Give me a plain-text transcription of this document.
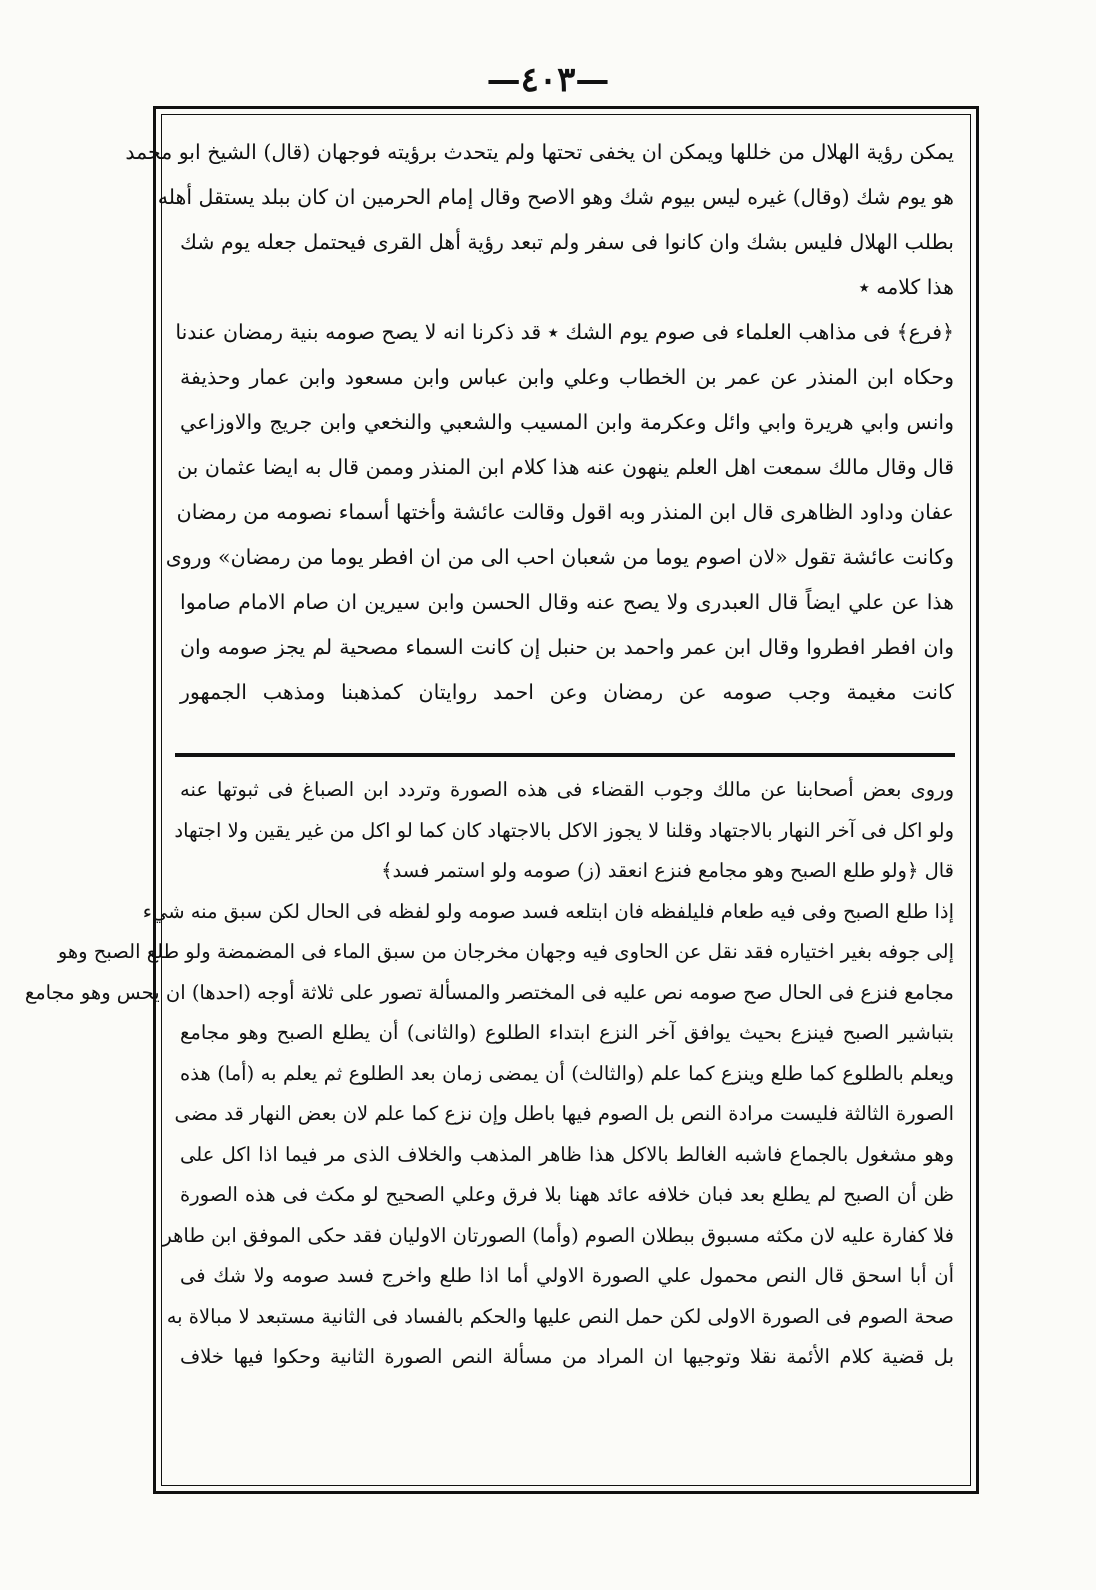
—٤٠٣—
يمكن رؤية الهلال من خللها ويمكن ان يخفى تحتها ولم يتحدث برؤيته فوجهان (قال) الشيخ ابو محمد
هو يوم شك (وقال) غيره ليس بيوم شك وهو الاصح وقال إمام الحرمين ان كان ببلد يستقل أهله
بطلب الهلال فليس بشك وان كانوا فى سفر ولم تبعد رؤية أهل القرى فيحتمل جعله يوم شك
هذا كلامه ٭
﴿فرع﴾ فى مذاهب العلماء فى صوم يوم الشك ٭ قد ذكرنا انه لا يصح صومه بنية رمضان عندنا
وحكاه ابن المنذر عن عمر بن الخطاب وعلي وابن عباس وابن مسعود وابن عمار وحذيفة
وانس وابي هريرة وابي وائل وعكرمة وابن المسيب والشعبي والنخعي وابن جريج والاوزاعي
قال وقال مالك سمعت اهل العلم ينهون عنه هذا كلام ابن المنذر وممن قال به ايضا عثمان بن
عفان وداود الظاهرى قال ابن المنذر وبه اقول وقالت عائشة وأختها أسماء نصومه من رمضان
وكانت عائشة تقول «لان اصوم يوما من شعبان احب الى من ان افطر يوما من رمضان» وروى
هذا عن علي ايضاً قال العبدرى ولا يصح عنه وقال الحسن وابن سيرين ان صام الامام صاموا
وان افطر افطروا وقال ابن عمر واحمد بن حنبل إن كانت السماء مصحية لم يجز صومه وان
كانت مغيمة وجب صومه عن رمضان وعن احمد روايتان كمذهبنا ومذهب الجمهور
وروى بعض أصحابنا عن مالك وجوب القضاء فى هذه الصورة وتردد ابن الصباغ فى ثبوتها عنه
ولو اكل فى آخر النهار بالاجتهاد وقلنا لا يجوز الاكل بالاجتهاد كان كما لو اكل من غير يقين ولا اجتهاد
قال ﴿ولو طلع الصبح وهو مجامع فنزع انعقد (ز) صومه ولو استمر فسد﴾
إذا طلع الصبح وفى فيه طعام فليلفظه فان ابتلعه فسد صومه ولو لفظه فى الحال لكن سبق منه شيء
إلى جوفه بغير اختياره فقد نقل عن الحاوى فيه وجهان مخرجان من سبق الماء فى المضمضة ولو طلع الصبح وهو
مجامع فنزع فى الحال صح صومه نص عليه فى المختصر والمسألة تصور على ثلاثة أوجه (احدها) ان يحس وهو مجامع
بتباشير الصبح فينزع بحيث يوافق آخر النزع ابتداء الطلوع (والثانى) أن يطلع الصبح وهو مجامع
ويعلم بالطلوع كما طلع وينزع كما علم (والثالث) أن يمضى زمان بعد الطلوع ثم يعلم به (أما) هذه
الصورة الثالثة فليست مرادة النص بل الصوم فيها باطل وإن نزع كما علم لان بعض النهار قد مضى
وهو مشغول بالجماع فاشبه الغالط بالاكل هذا ظاهر المذهب والخلاف الذى مر فيما اذا اكل على
ظن أن الصبح لم يطلع بعد فبان خلافه عائد ههنا بلا فرق وعلي الصحيح لو مكث فى هذه الصورة
فلا كفارة عليه لان مكثه مسبوق ببطلان الصوم (وأما) الصورتان الاوليان فقد حكى الموفق ابن طاهر
أن أبا اسحق قال النص محمول علي الصورة الاولي أما اذا طلع واخرج فسد صومه ولا شك فى
صحة الصوم فى الصورة الاولى لكن حمل النص عليها والحكم بالفساد فى الثانية مستبعد لا مبالاة به
بل قضية كلام الأئمة نقلا وتوجيها ان المراد من مسألة النص الصورة الثانية وحكوا فيها خلاف
